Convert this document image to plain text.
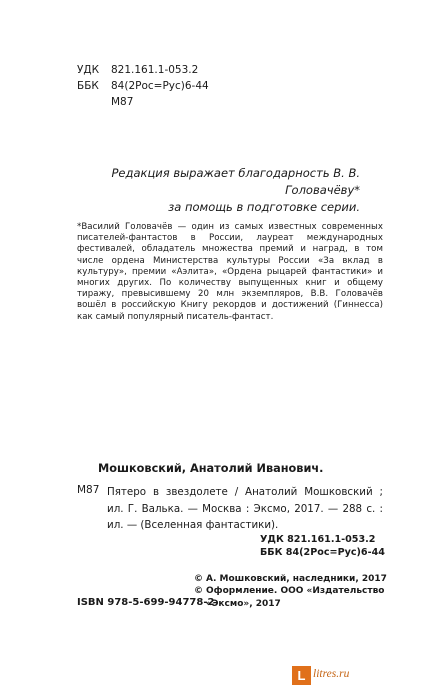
УДК 821.161.1-053.2
ББК 84(2Рос=Рус)6-44
М87
Редакция выражает благодарность В. В. Головачёву*
за помощь в подготовке серии.

*Василий Головачёв — один из самых известных современных писателей-фантастов в России, лауреат международных фестивалей, обладатель множества премий и наград, в том числе ордена Министерства культуры России «За вклад в культуру», премии «Аэлита», «Ордена рыцарей фантастики» и многих других. По количеству выпущенных книг и общему тиражу, превысившему 20 млн экземпляров, В.В. Головачёв вошёл в российскую Книгу рекордов и достижений (Гиннесса) как самый популярный писатель-фантаст.

Мошковский, Анатолий Иванович.
М87 Пятеро в звездолете / Анатолий Мошковский ;
ил. Г. Валька. — Москва : Эксмо, 2017. — 288 с. :
ил. — (Вселенная фантастики).
УДК 821.161.1-053.2
ББК 84(2Рос=Рус)6-44
© А. Мошковский, наследники, 2017
© Оформление. ООО «Издательство
«Эксмо», 2017
ISBN 978-5-699-94778-2
L litres.ru
